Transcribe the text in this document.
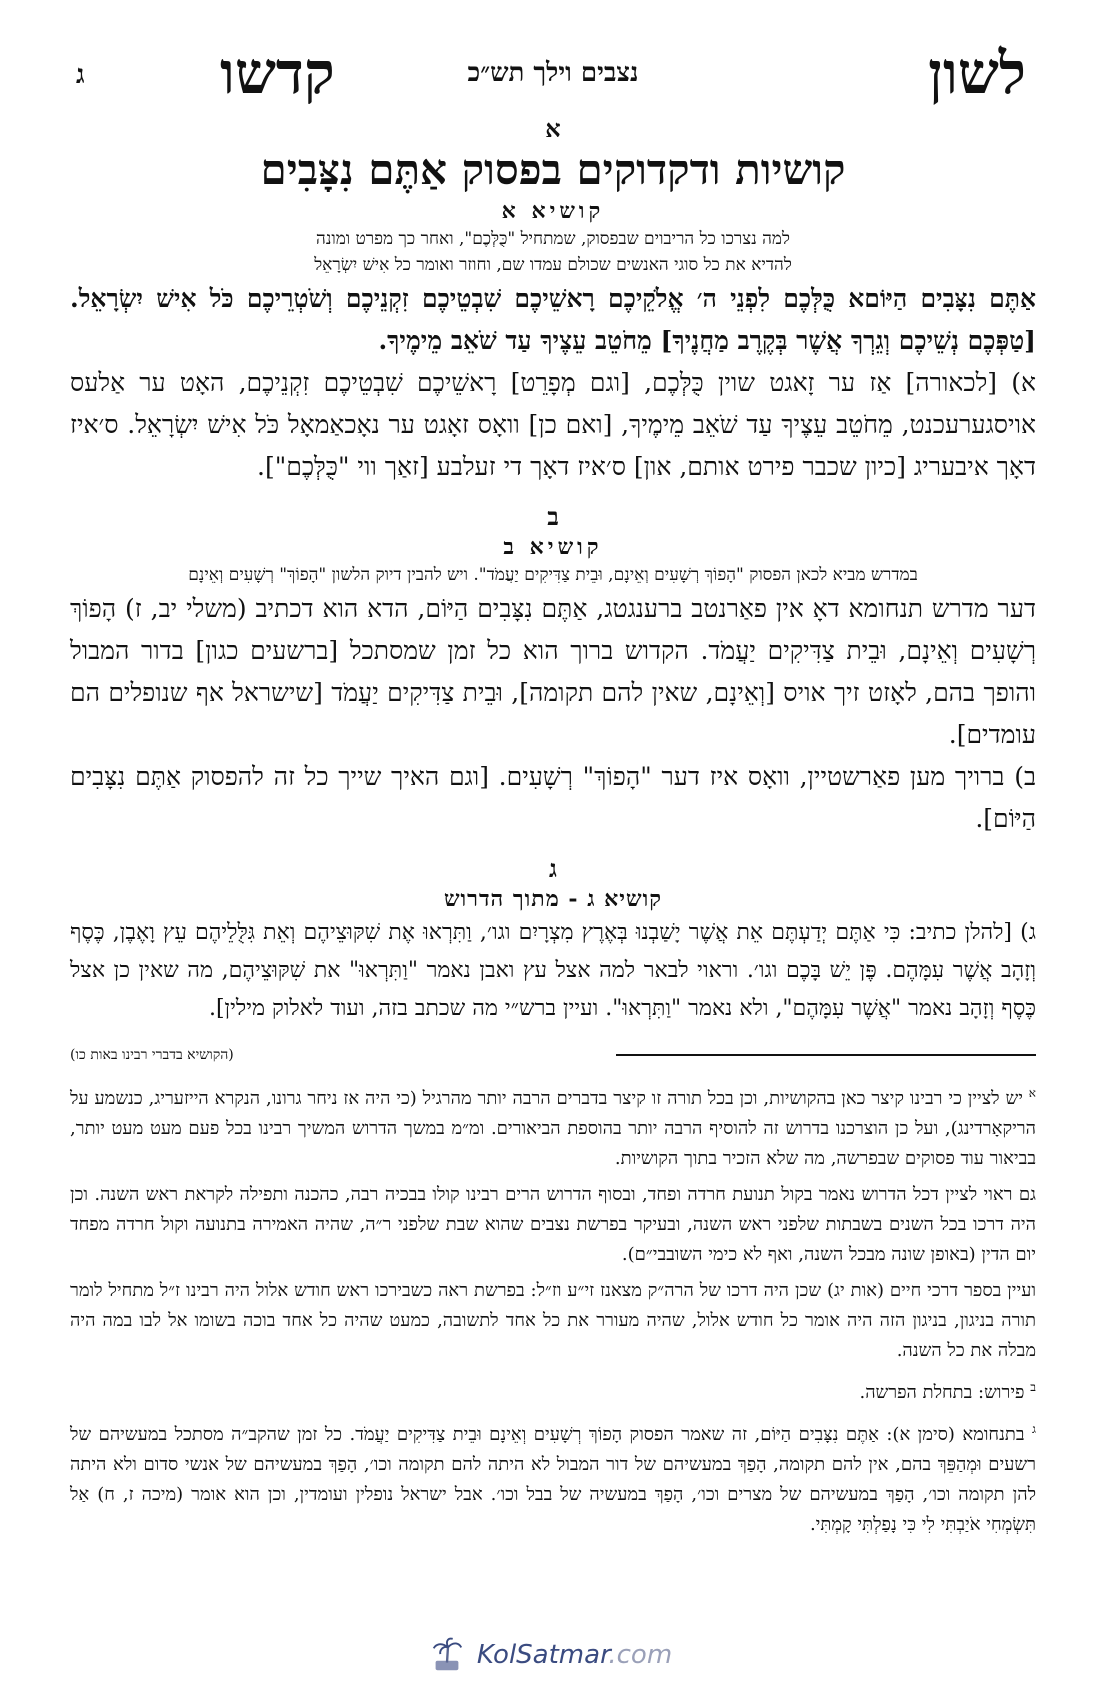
לשון
נצבים וילך תש״כ
קדשו
ג
א
קושיות ודקדוקים בפסוק אַתֶּם נִצָּבִים
קושיא א
למה נצרכו כל הריבוים שבפסוק, שמתחיל "כֻּלְּכֶם", ואחר כך מפרט ומונה
להדיא את כל סוגי האנשים שכולם עמדו שם, וחוזר ואומר כל אִישׁ יִשְׂרָאֵל

אַתֶּם נִצָּבִים הַיּוֹםא כֻּלְּכֶם לִפְנֵי ה׳ אֱלֹקֵיכֶם רָאשֵׁיכֶם שִׁבְטֵיכֶם זִקְנֵיכֶם וְשֹׁטְרֵיכֶם כֹּל אִישׁ יִשְׂרָאֵל. [טַפְּכֶם נְשֵׁיכֶם וְגֵרְךָ אֲשֶׁר בְּקֶרֶב מַחֲנֶיךָ] מֵחֹטֵב עֵצֶיךָ עַד שֹׁאֵב מֵימֶיךָ.

א) [לכאורה] אַז ער זָאגט שוין כֻּלְּכֶם, [וגם מְפָרֵט] רָאשֵׁיכֶם שִׁבְטֵיכֶם זִקְנֵיכֶם, האָט ער אַלעס אויסגערעכנט, מֵחֹטֵב עֵצֶיךָ עַד שֹׁאֵב מֵימֶיךָ, [ואם כן] וואָס זאָגט ער נאָכאַמאָל כֹּל אִישׁ יִשְׂרָאֵל. ס׳איז דאָך איבעריג [כיון שכבר פירט אותם, און] ס׳איז דאָך די זעלבע [זאַך ווי "כֻּלְּכֶם"].

ב
קושיא ב
במדרש מביא לכאן הפסוק "הָפוֹךְ רְשָׁעִים וְאֵינָם, וּבֵית צַדִּיקִים יַעֲמֹד". ויש להבין דיוק הלשון "הָפוֹךְ" רְשָׁעִים וְאֵינָם

דער מדרש תנחומא דאָ אין פאַרנטב ברענגטג, אַתֶּם נִצָּבִים הַיּוֹם, הדא הוא דכתיב (משלי יב, ז) הָפוֹךְ רְשָׁעִים וְאֵינָם, וּבֵית צַדִּיקִים יַעֲמֹד. הקדוש ברוך הוא כל זמן שמסתכל [ברשעים כגון] בדור המבול והופך בהם, לאָזט זיך אויס [וְאֵינָם, שאין להם תקומה], וּבֵית צַדִּיקִים יַעֲמֹד [שישראל אף שנופלים הם עומדים].

ב) ברויך מען פאַרשטיין, וואָס איז דער "הָפוֹךְ" רְשָׁעִים. [וגם האיך שייך כל זה להפסוק אַתֶּם נִצָּבִים הַיּוֹם].

ג
קושיא ג - מתוך הדרוש

ג) [להלן כתיב: כִּי אַתֶּם יְדַעְתֶּם אֵת אֲשֶׁר יָשַׁבְנוּ בְּאֶרֶץ מִצְרָיִם וגו׳, וַתִּרְאוּ אֶת שִׁקּוּצֵיהֶם וְאֵת גִּלֻּלֵיהֶם עֵץ וָאֶבֶן, כֶּסֶף וְזָהָב אֲשֶׁר עִמָּהֶם. פֶּן יֵשׁ בָּכֶם וגו׳. וראוי לבאר למה אצל עץ ואבן נאמר "וַתִּרְאוּ" את שִׁקּוּצֵיהֶם, מה שאין כן אצל כֶּסֶף וְזָהָב נאמר "אֲשֶׁר עִמָּהֶם", ולא נאמר "וַתִּרְאוּ". ועיין ברש״י מה שכתב בזה, ועוד לאלוק מילין].
(הקושיא בדברי רבינו באות כו)

$^א$ יש לציין כי רבינו קיצר כאן בהקושיות, וכן בכל תורה זו קיצר בדברים הרבה יותר מהרגיל (כי היה אז ניחר גרונו, הנקרא הייזעריג, כנשמע על הריקאָרדינג), ועל כן הוצרכנו בדרוש זה להוסיף הרבה יותר בהוספת הביאורים. ומ״מ במשך הדרוש המשיך רבינו בכל פעם מעט מעט יותר, בביאור עוד פסוקים שבפרשה, מה שלא הזכיר בתוך הקושיות.

גם ראוי לציין דכל הדרוש נאמר בקול תנועת חרדה ופחד, ובסוף הדרוש הרים רבינו קולו בבכיה רבה, כהכנה ותפילה לקראת ראש השנה. וכן היה דרכו בכל השנים בשבתות שלפני ראש השנה, ובעיקר בפרשת נצבים שהוא שבת שלפני ר״ה, שהיה האמירה בתנועה וקול חרדה מפחד יום הדין (באופן שונה מבכל השנה, ואף לא כימי השובבי״ם).

ועיין בספר דרכי חיים (אות יג) שכן היה דרכו של הרה״ק מצאנז זי״ע וז״ל: בפרשת ראה כשבירכו ראש חודש אלול היה רבינו ז״ל מתחיל לומר תורה בניגון, בניגון הזה היה אומר כל חודש אלול, שהיה מעורר את כל אחד לתשובה, כמעט שהיה כל אחד בוכה בשומו אל לבו במה היה מבלה את כל השנה.

$^ב$ פירוש: בתחלת הפרשה.

$^ג$ בתנחומא (סימן א): אַתֶּם נִצָּבִים הַיּוֹם, זה שאמר הפסוק הָפוֹךְ רְשָׁעִים וְאֵינָם וּבֵית צַדִּיקִים יַעֲמֹד. כל זמן שהקב״ה מסתכל במעשיהם של רשעים וּמְהַפֵּךְ בהם, אין להם תקומה, הָפַךְ במעשיהם של דור המבול לא היתה להם תקומה וכו׳, הָפַךְ במעשיהם של אנשי סדום ולא היתה להן תקומה וכו׳, הָפַךְ במעשיהם של מצרים וכו׳, הָפַךְ במעשיה של בבל וכו׳. אבל ישראל נופלין ועומדין, וכן הוא אומר (מיכה ז, ח) אַל תִּשְׂמְחִי אֹיַבְתִּי לִי כִּי נָפַלְתִּי קָמְתִּי.

KolSatmar.com
